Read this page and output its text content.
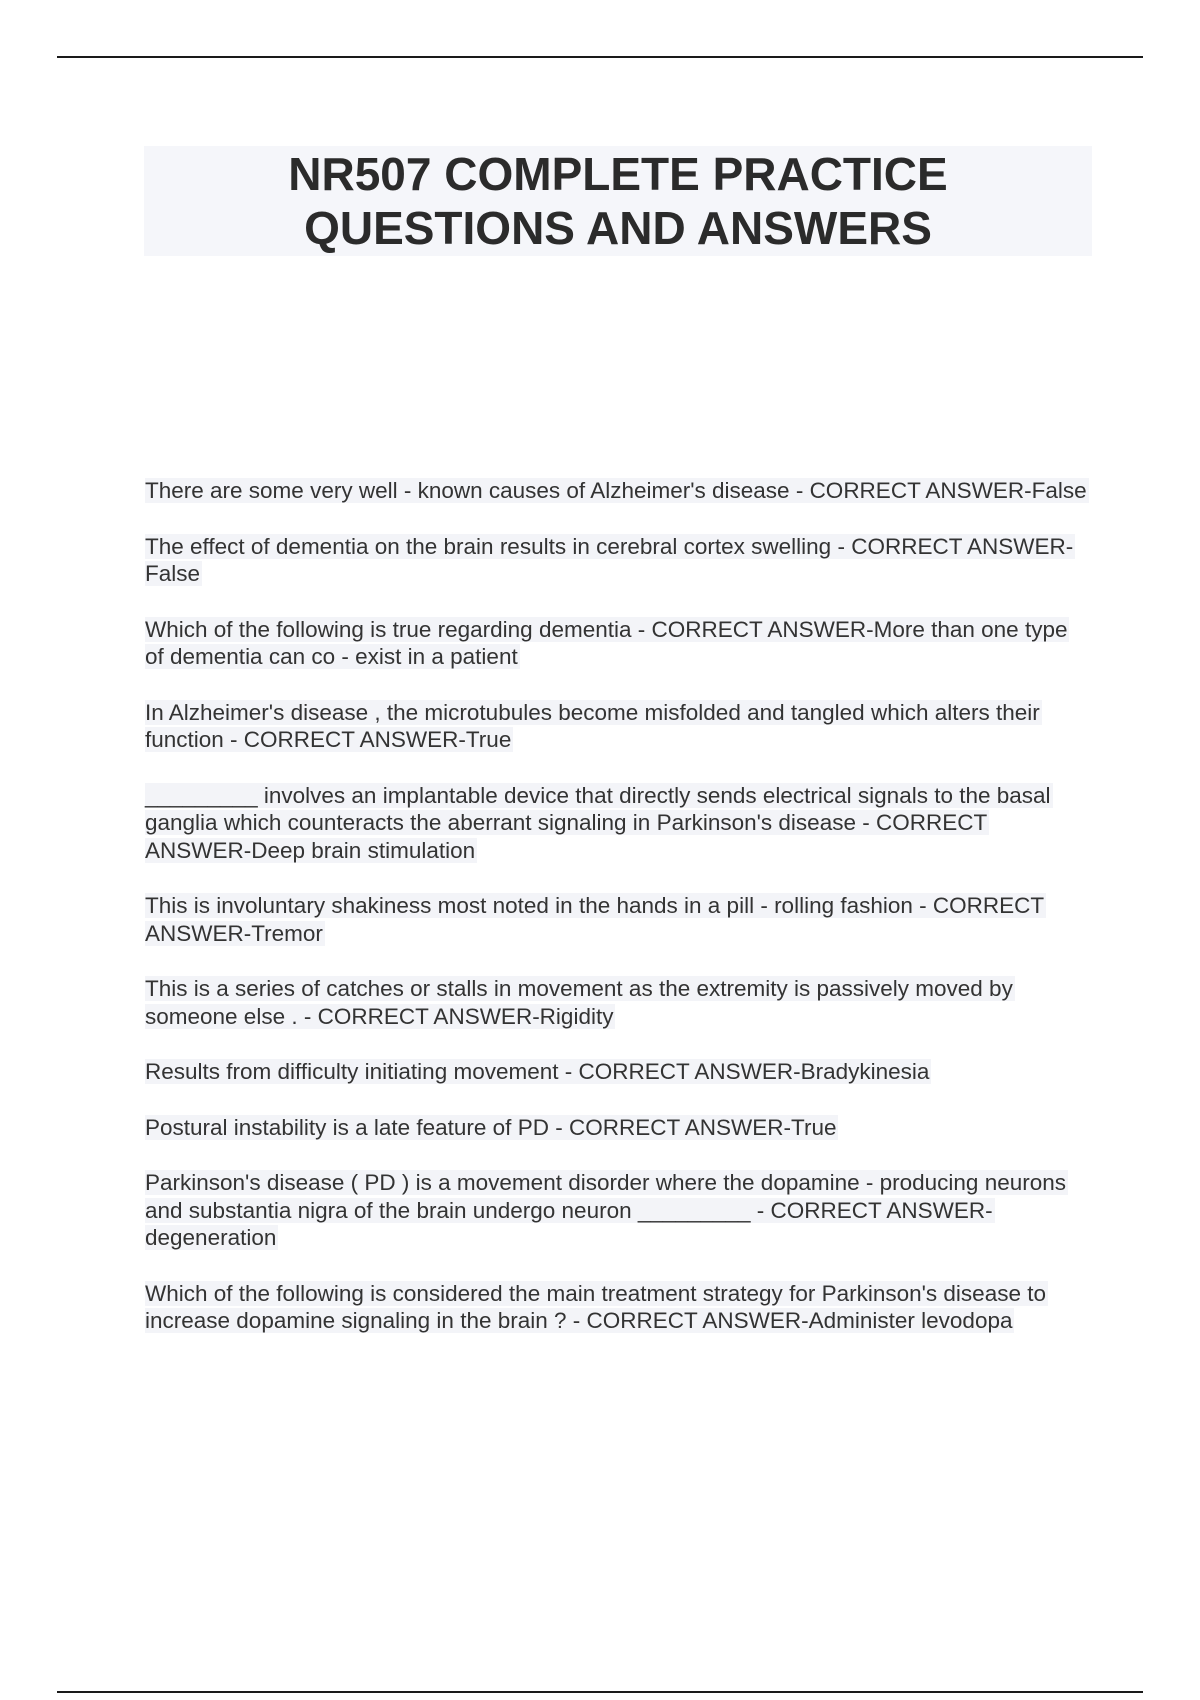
NR507 COMPLETE PRACTICE
QUESTIONS AND ANSWERS
There are some very well - known causes of Alzheimer's disease - CORRECT ANSWER-False
The effect of dementia on the brain results in cerebral cortex swelling - CORRECT ANSWER-False
Which of the following is true regarding dementia - CORRECT ANSWER-More than one type of dementia can co - exist in a patient
In Alzheimer's disease , the microtubules become misfolded and tangled which alters their function - CORRECT ANSWER-True
_________ involves an implantable device that directly sends electrical signals to the basal ganglia which counteracts the aberrant signaling in Parkinson's disease - CORRECT ANSWER-Deep brain stimulation
This is involuntary shakiness most noted in the hands in a pill - rolling fashion - CORRECT ANSWER-Tremor
This is a series of catches or stalls in movement as the extremity is passively moved by someone else . - CORRECT ANSWER-Rigidity
Results from difficulty initiating movement - CORRECT ANSWER-Bradykinesia
Postural instability is a late feature of PD - CORRECT ANSWER-True
Parkinson's disease ( PD ) is a movement disorder where the dopamine - producing neurons and substantia nigra of the brain undergo neuron _________ - CORRECT ANSWER-degeneration
Which of the following is considered the main treatment strategy for Parkinson's disease to increase dopamine signaling in the brain ? - CORRECT ANSWER-Administer levodopa
